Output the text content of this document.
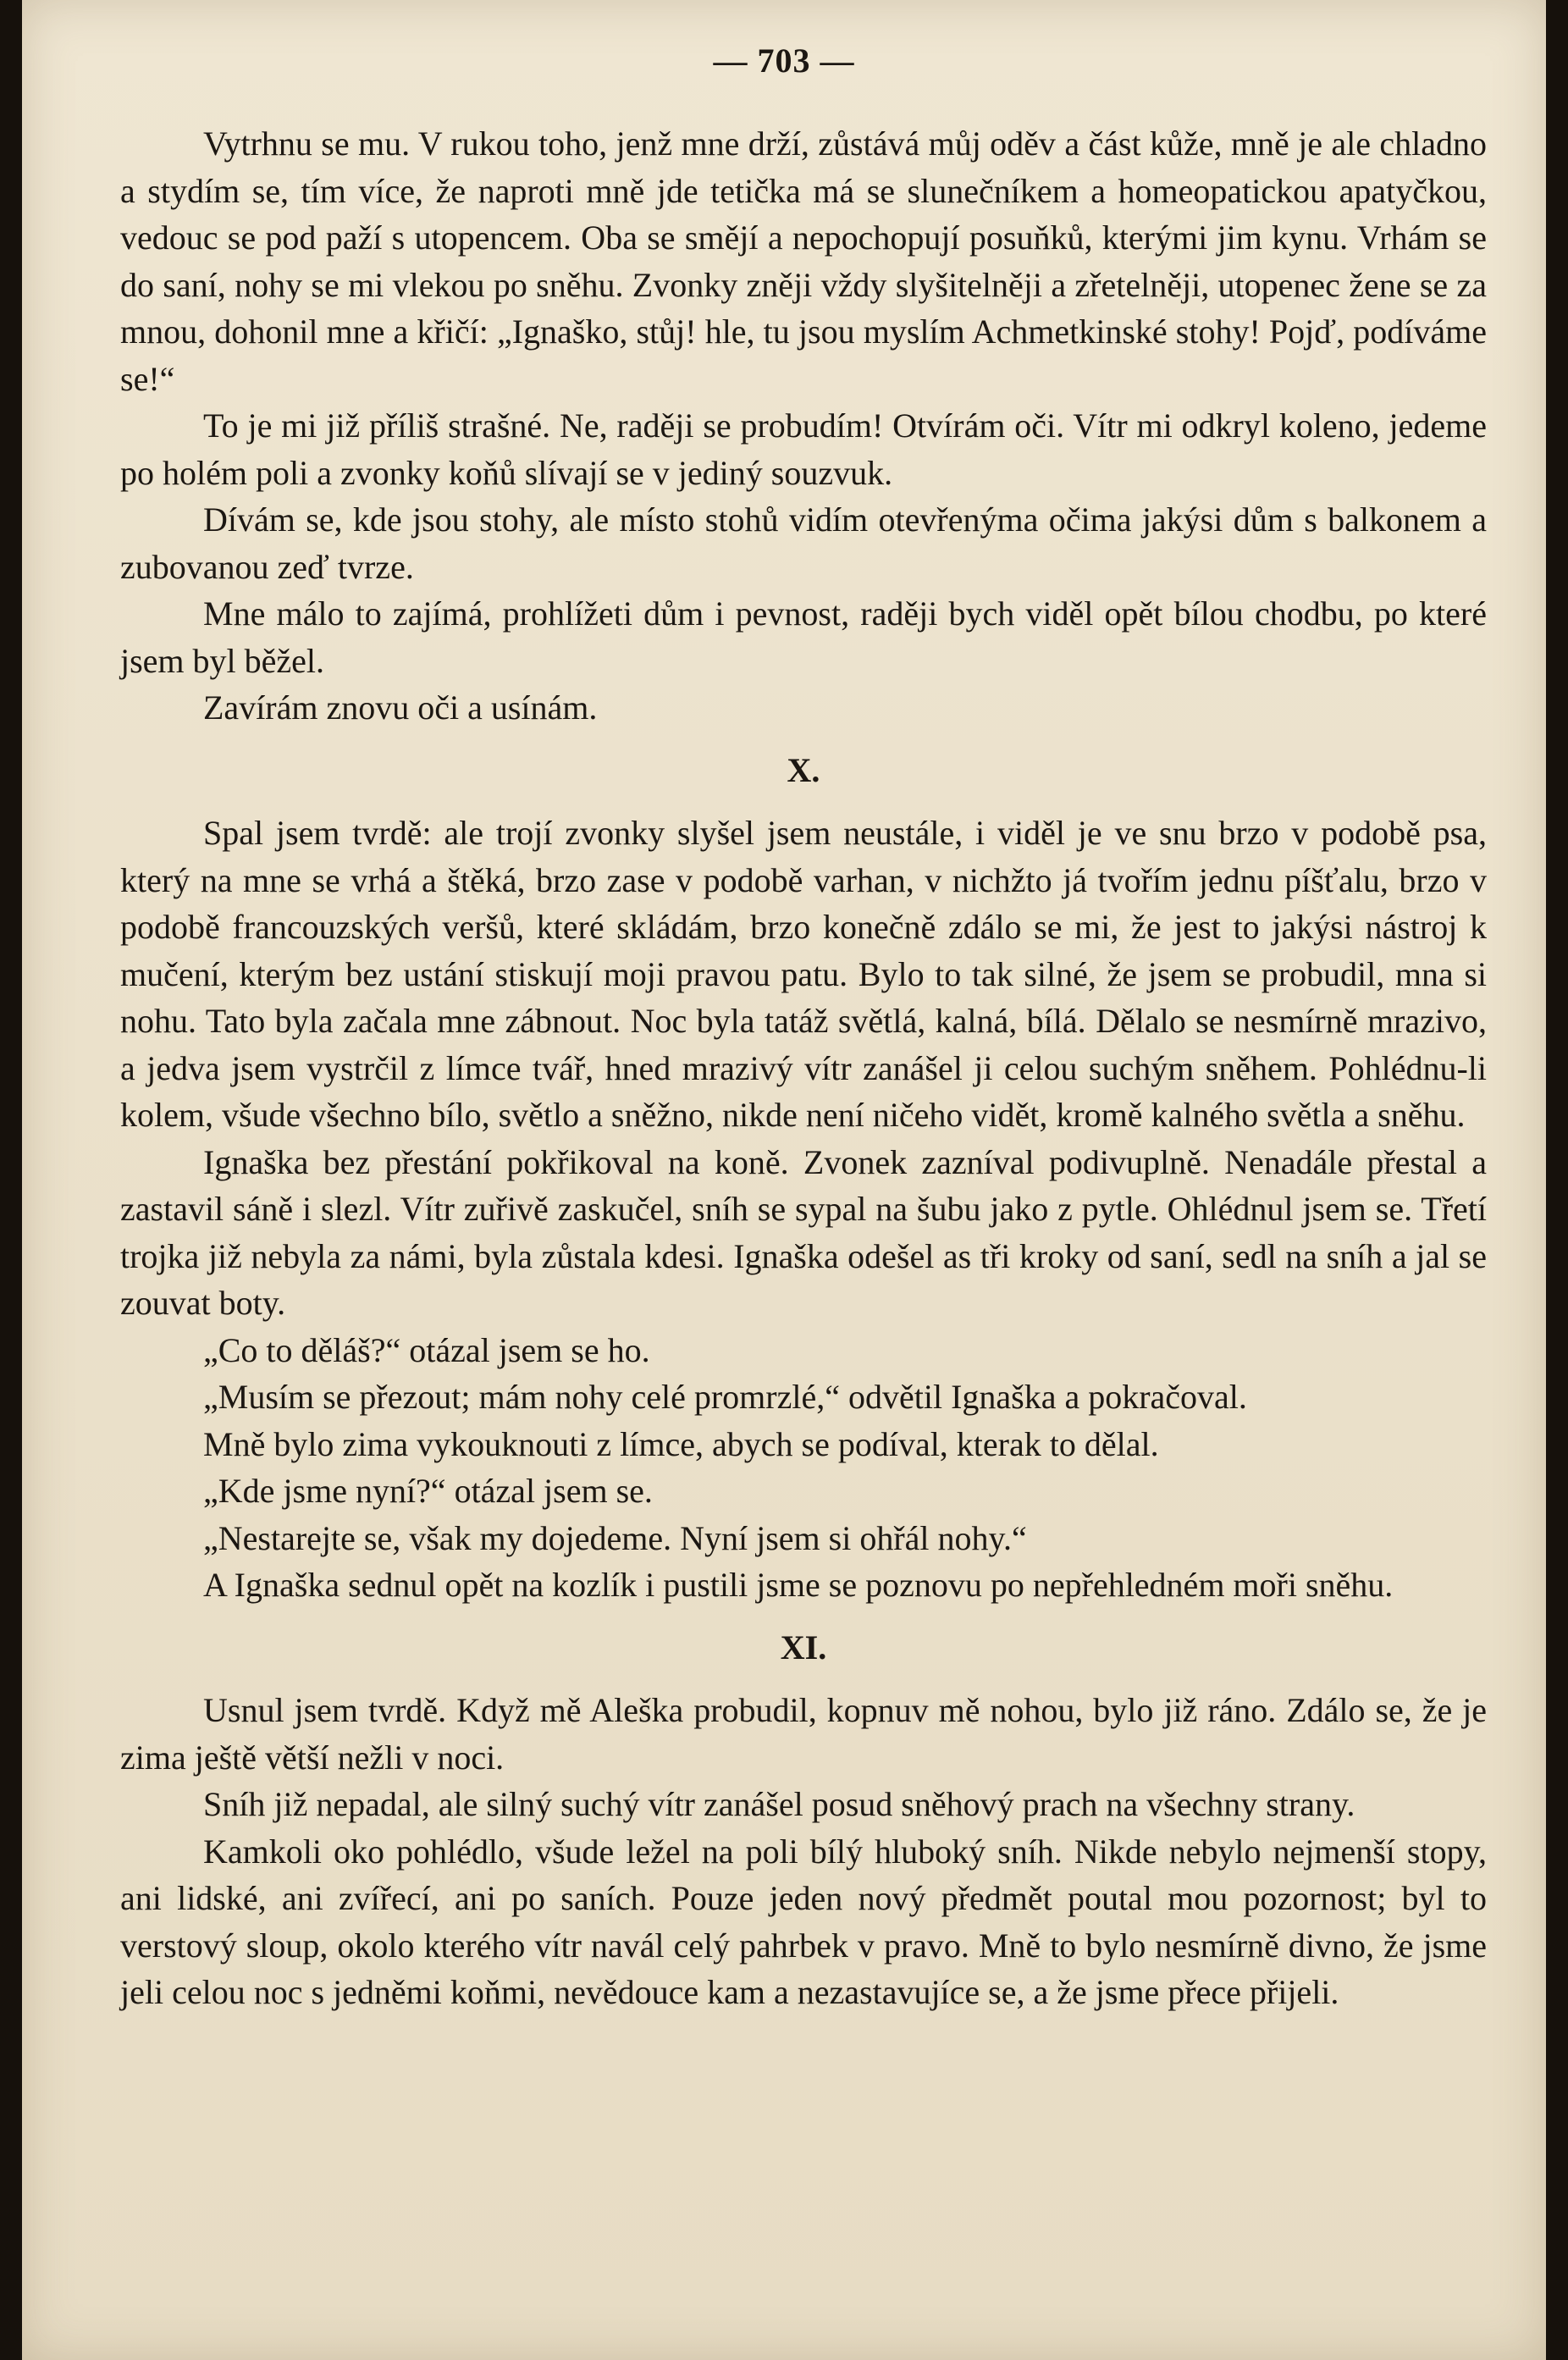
— 703 —

Vytrhnu se mu. V rukou toho, jenž mne drží, zůstává můj oděv a část kůže, mně je ale chladno a stydím se, tím více, že naproti mně jde tetička má se slunečníkem a homeopatickou apatyčkou, vedouc se pod paží s utopencem. Oba se smějí a nepochopují posuňků, kterými jim kynu. Vrhám se do saní, nohy se mi vlekou po sněhu. Zvonky zněji vždy slyšitelněji a zřetelněji, utopenec žene se za mnou, dohonil mne a křičí: „Ignaško, stůj! hle, tu jsou myslím Achmetkinské stohy! Pojď, podíváme se!“

To je mi již příliš strašné. Ne, raději se probudím! Otvírám oči. Vítr mi odkryl koleno, jedeme po holém poli a zvonky koňů slívají se v jediný souzvuk.

Dívám se, kde jsou stohy, ale místo stohů vidím otevřenýma očima jakýsi dům s balkonem a zubovanou zeď tvrze.

Mne málo to zajímá, prohlížeti dům i pevnost, raději bych viděl opět bílou chodbu, po které jsem byl běžel.

Zavírám znovu oči a usínám.

X.

Spal jsem tvrdě: ale trojí zvonky slyšel jsem neustále, i viděl je ve snu brzo v podobě psa, který na mne se vrhá a štěká, brzo zase v podobě varhan, v nichžto já tvořím jednu píšťalu, brzo v podobě francouzských veršů, které skládám, brzo konečně zdálo se mi, že jest to jakýsi nástroj k mučení, kterým bez ustání stiskují moji pravou patu. Bylo to tak silné, že jsem se probudil, mna si nohu. Tato byla začala mne zábnout. Noc byla tatáž světlá, kalná, bílá. Dělalo se nesmírně mrazivo, a jedva jsem vystrčil z límce tvář, hned mrazivý vítr zanášel ji celou suchým sněhem. Pohlédnu-li kolem, všude všechno bílo, světlo a sněžno, nikde není ničeho vidět, kromě kalného světla a sněhu.

Ignaška bez přestání pokřikoval na koně. Zvonek zazníval podivuplně. Nenadále přestal a zastavil sáně i slezl. Vítr zuřivě zaskučel, sníh se sypal na šubu jako z pytle. Ohlédnul jsem se. Třetí trojka již nebyla za námi, byla zůstala kdesi. Ignaška odešel as tři kroky od saní, sedl na sníh a jal se zouvat boty.

„Co to děláš?“ otázal jsem se ho.

„Musím se přezout; mám nohy celé promrzlé,“ odvětil Ignaška a pokračoval.

Mně bylo zima vykouknouti z límce, abych se podíval, kterak to dělal.

„Kde jsme nyní?“ otázal jsem se.

„Nestarejte se, však my dojedeme. Nyní jsem si ohřál nohy.“

A Ignaška sednul opět na kozlík i pustili jsme se poznovu po nepřehledném moři sněhu.

XI.

Usnul jsem tvrdě. Když mě Aleška probudil, kopnuv mě nohou, bylo již ráno. Zdálo se, že je zima ještě větší nežli v noci.

Sníh již nepadal, ale silný suchý vítr zanášel posud sněhový prach na všechny strany.

Kamkoli oko pohlédlo, všude ležel na poli bílý hluboký sníh. Nikde nebylo nejmenší stopy, ani lidské, ani zvířecí, ani po saních. Pouze jeden nový předmět poutal mou pozornost; byl to verstový sloup, okolo kterého vítr navál celý pahrbek v pravo. Mně to bylo nesmírně divno, že jsme jeli celou noc s jedněmi koňmi, nevědouce kam a nezastavujíce se, a že jsme přece přijeli.
